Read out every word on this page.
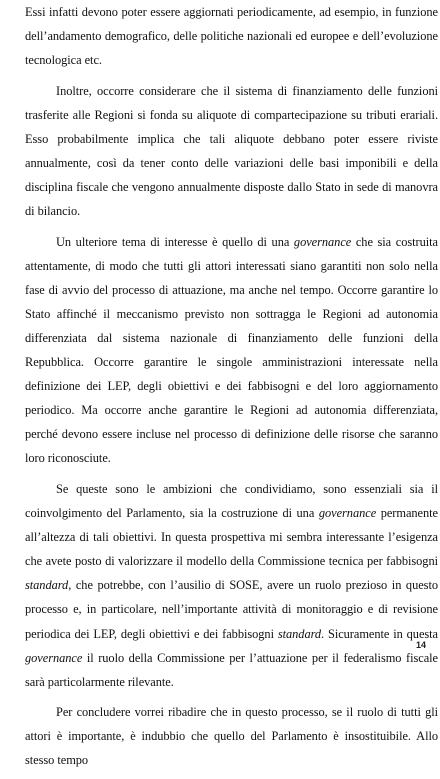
Essi infatti devono poter essere aggiornati periodicamente, ad esempio, in funzione dell’andamento demografico, delle politiche nazionali ed europee e dell’evoluzione tecnologica etc.

Inoltre, occorre considerare che il sistema di finanziamento delle funzioni trasferite alle Regioni si fonda su aliquote di compartecipazione su tributi erariali. Esso probabilmente implica che tali aliquote debbano poter essere riviste annualmente, così da tener conto delle variazioni delle basi imponibili e della disciplina fiscale che vengono annualmente disposte dallo Stato in sede di manovra di bilancio.

Un ulteriore tema di interesse è quello di una governance che sia costruita attentamente, di modo che tutti gli attori interessati siano garantiti non solo nella fase di avvio del processo di attuazione, ma anche nel tempo. Occorre garantire lo Stato affinché il meccanismo previsto non sottragga le Regioni ad autonomia differenziata dal sistema nazionale di finanziamento delle funzioni della Repubblica. Occorre garantire le singole amministrazioni interessate nella definizione dei LEP, degli obiettivi e dei fabbisogni e del loro aggiornamento periodico. Ma occorre anche garantire le Regioni ad autonomia differenziata, perché devono essere incluse nel processo di definizione delle risorse che saranno loro riconosciute.

Se queste sono le ambizioni che condividiamo, sono essenziali sia il coinvolgimento del Parlamento, sia la costruzione di una governance permanente all’altezza di tali obiettivi. In questa prospettiva mi sembra interessante l’esigenza che avete posto di valorizzare il modello della Commissione tecnica per fabbisogni standard, che potrebbe, con l’ausilio di SOSE, avere un ruolo prezioso in questo processo e, in particolare, nell’importante attività di monitoraggio e di revisione periodica dei LEP, degli obiettivi e dei fabbisogni standard. Sicuramente in questa governance il ruolo della Commissione per l’attuazione per il federalismo fiscale sarà particolarmente rilevante.

Per concludere vorrei ribadire che in questo processo, se il ruolo di tutti gli attori è importante, è indubbio che quello del Parlamento è insostituibile. Allo stesso tempo

14
